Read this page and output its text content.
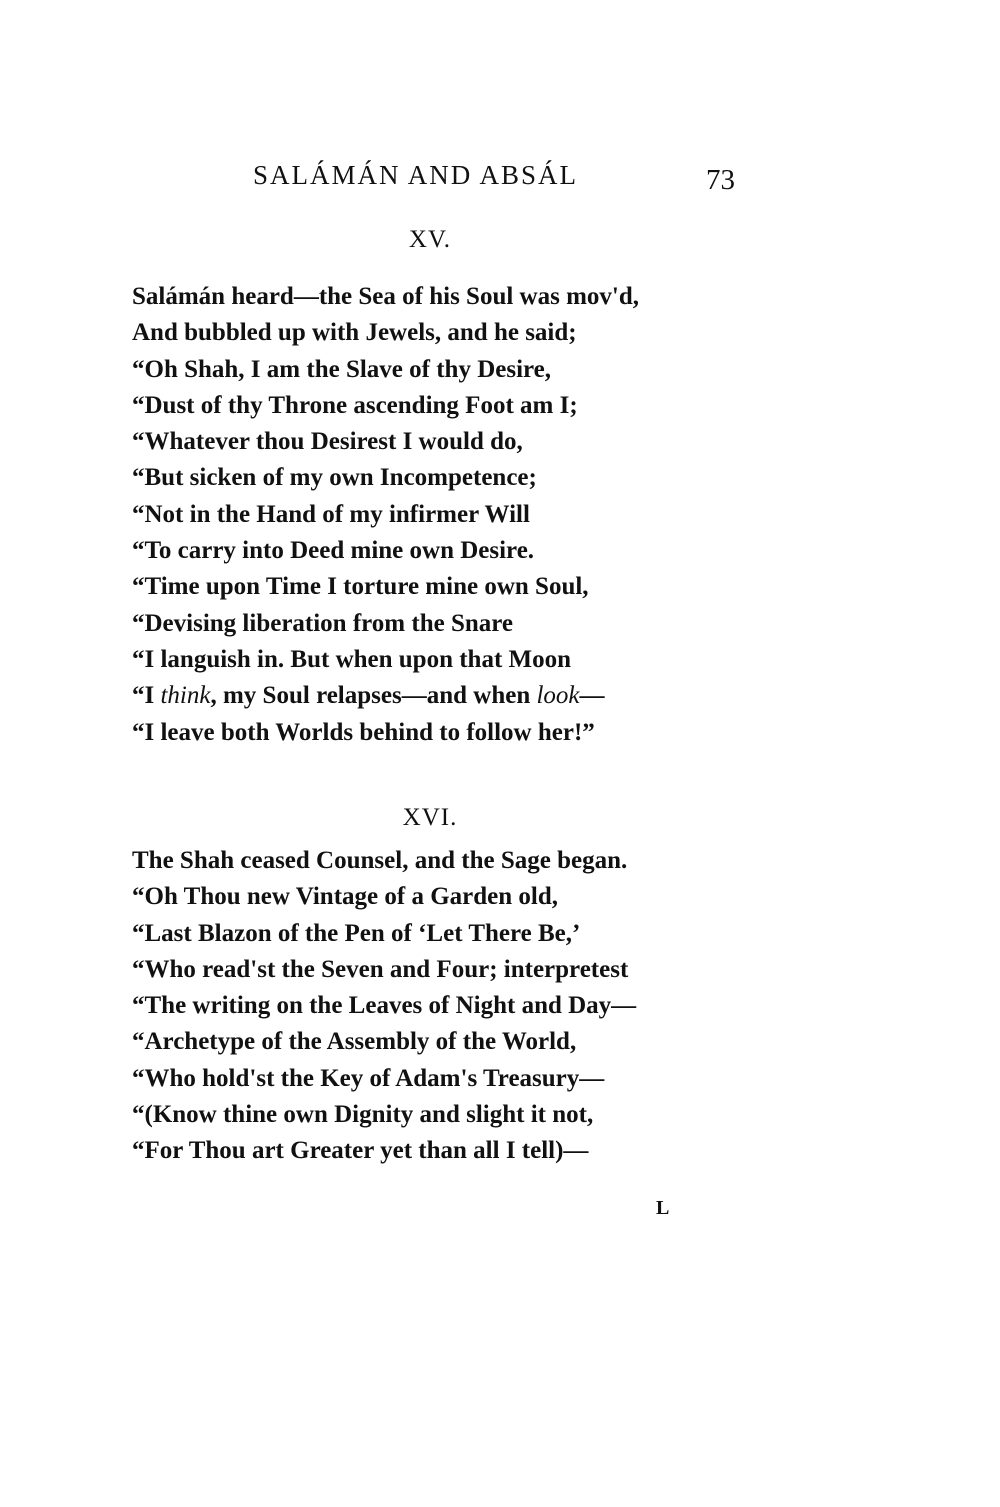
SALÁMÁN AND ABSÁL	73
XV.
Salámán heard—the Sea of his Soul was mov'd,
And bubbled up with Jewels, and he said;
“Oh Shah, I am the Slave of thy Desire,
“Dust of thy Throne ascending Foot am I;
“Whatever thou Desirest I would do,
“But sicken of my own Incompetence;
“Not in the Hand of my infirmer Will
“To carry into Deed mine own Desire.
“Time upon Time I torture mine own Soul,
“Devising liberation from the Snare
“I languish in. But when upon that Moon
“I think, my Soul relapses—and when look—
“I leave both Worlds behind to follow her!”
XVI.
The Shah ceased Counsel, and the Sage began.
“Oh Thou new Vintage of a Garden old,
“Last Blazon of the Pen of ‘Let There Be,’
“Who read'st the Seven and Four; interpretest
“The writing on the Leaves of Night and Day—
“Archetype of the Assembly of the World,
“Who hold'st the Key of Adam's Treasury—
“(Know thine own Dignity and slight it not,
“For Thou art Greater yet than all I tell)—
L
